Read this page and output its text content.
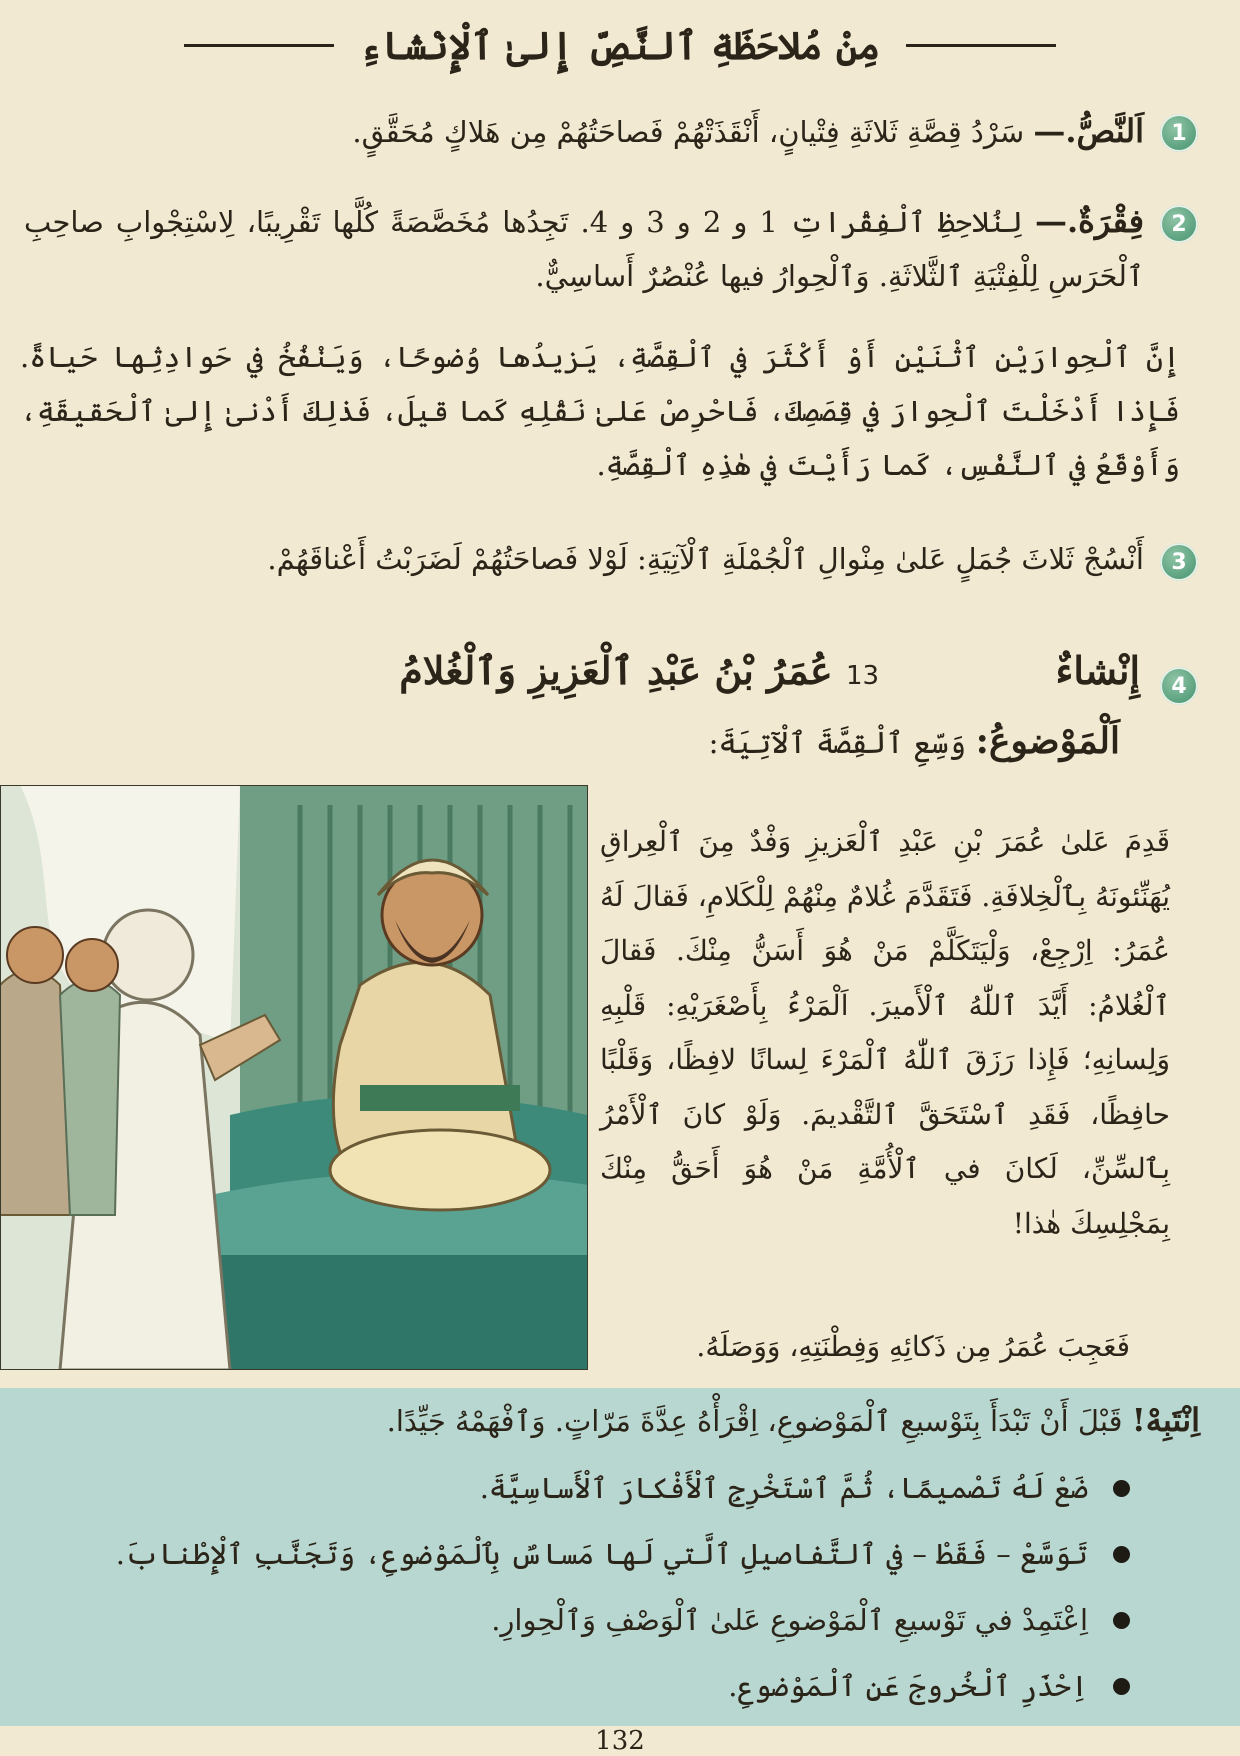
مِنْ مُلاحَظَةِ ٱلنَّصِّ إِلىٰ ٱلْإِنْشاءِ
1

اَلنَّصُّ.— سَرْدُ قِصَّةِ ثَلاثَةِ فِتْيانٍ، أَنْقَذَتْهُمْ فَصاحَتُهُمْ مِن هَلاكٍ مُحَقَّقٍ.

2

فِقْرَةٌ.— لِنُلاحِظِ ٱلْفِقْراتِ 1 و 2 و 3 و 4. تَجِدُها مُخَصَّصَةً كُلَّها تَقْرِيبًا، لِاسْتِجْوابِ صاحِبِ ٱلْحَرَسِ لِلْفِتْيَةِ ٱلثَّلاثَةِ. وَٱلْحِوارُ فيها عُنْصُرٌ أَساسِيٌّ.

إِنَّ ٱلْحِوارَيْنِ ٱثْنَيْنِ أَوْ أَكْثَرَ في ٱلْقِصَّةِ، يَزيدُها وُضوحًا، وَيَنْفُخُ في حَوادِثِها حَياةً. فَإِذا أَدْخَلْتَ ٱلْحِوارَ في قِصَصِكَ، فَاحْرِصْ عَلىٰ نَقْلِهِ كَما قيلَ، فَذٰلِكَ أَدْنىٰ إِلىٰ ٱلْحَقيقَةِ، وَأَوْقَعُ في ٱلنَّفْسِ، كَما رَأَيْتَ في هٰذِهِ ٱلْقِصَّةِ.

3

أَنْسُجْ ثَلاثَ جُمَلٍ عَلىٰ مِنْوالِ ٱلْجُمْلَةِ ٱلْآتِيَةِ: لَوْلا فَصاحَتُهُمْ لَضَرَبْتُ أَعْناقَهُمْ.

4
إِنْشاءٌ  13 عُمَرُ بْنُ عَبْدِ ٱلْعَزِيزِ وَٱلْغُلامُ
اَلْمَوْضوعُ: وَسِّعِ ٱلْقِصَّةَ ٱلْآتِيَةَ:

قَدِمَ عَلىٰ عُمَرَ بْنِ عَبْدِ ٱلْعَزيزِ وَفْدٌ مِنَ ٱلْعِراقِ يُهَنِّئونَهُ بِٱلْخِلافَةِ. فَتَقَدَّمَ غُلامٌ مِنْهُمْ لِلْكَلامِ، فَقالَ لَهُ عُمَرُ: اِرْجِعْ، وَلْيَتَكَلَّمْ مَنْ هُوَ أَسَنُّ مِنْكَ. فَقالَ ٱلْغُلامُ: أَيَّدَ ٱللّٰهُ ٱلْأَميرَ. اَلْمَرْءُ بِأَصْغَرَيْهِ: قَلْبِهِ وَلِسانِهِ؛ فَإِذا رَزَقَ ٱللّٰهُ ٱلْمَرْءَ لِسانًا لافِظًا، وَقَلْبًا حافِظًا، فَقَدِ ٱسْتَحَقَّ ٱلتَّقْديمَ. وَلَوْ كانَ ٱلْأَمْرُ بِٱلسِّنِّ، لَكانَ في ٱلْأُمَّةِ مَنْ هُوَ أَحَقُّ مِنْكَ بِمَجْلِسِكَ هٰذا!

فَعَجِبَ عُمَرُ مِن ذَكائِهِ وَفِطْنَتِهِ، وَوَصَلَهُ.

اِنْتَبِهْ! قَبْلَ أَنْ تَبْدَأَ بِتَوْسيعِ ٱلْمَوْضوعِ، اِقْرَأْهُ عِدَّةَ مَرّاتٍ. وَٱفْهَمْهُ جَيِّدًا.

ضَعْ لَهُ تَصْميمًا، ثُمَّ ٱسْتَخْرِجِ ٱلْأَفْكارَ ٱلْأَساسِيَّةَ.
تَوَسَّعْ – فَقَطْ – في ٱلتَّفاصيلِ ٱلَّتي لَها مَساسٌ بِٱلْمَوْضوعِ، وَتَجَنَّبِ ٱلْإِطْنابَ.
اِعْتَمِدْ في تَوْسيعِ ٱلْمَوْضوعِ عَلىٰ ٱلْوَصْفِ وَٱلْحِوارِ.
اِحْذَرِ ٱلْخُروجَ عَنِ ٱلْمَوْضوعِ.
132
